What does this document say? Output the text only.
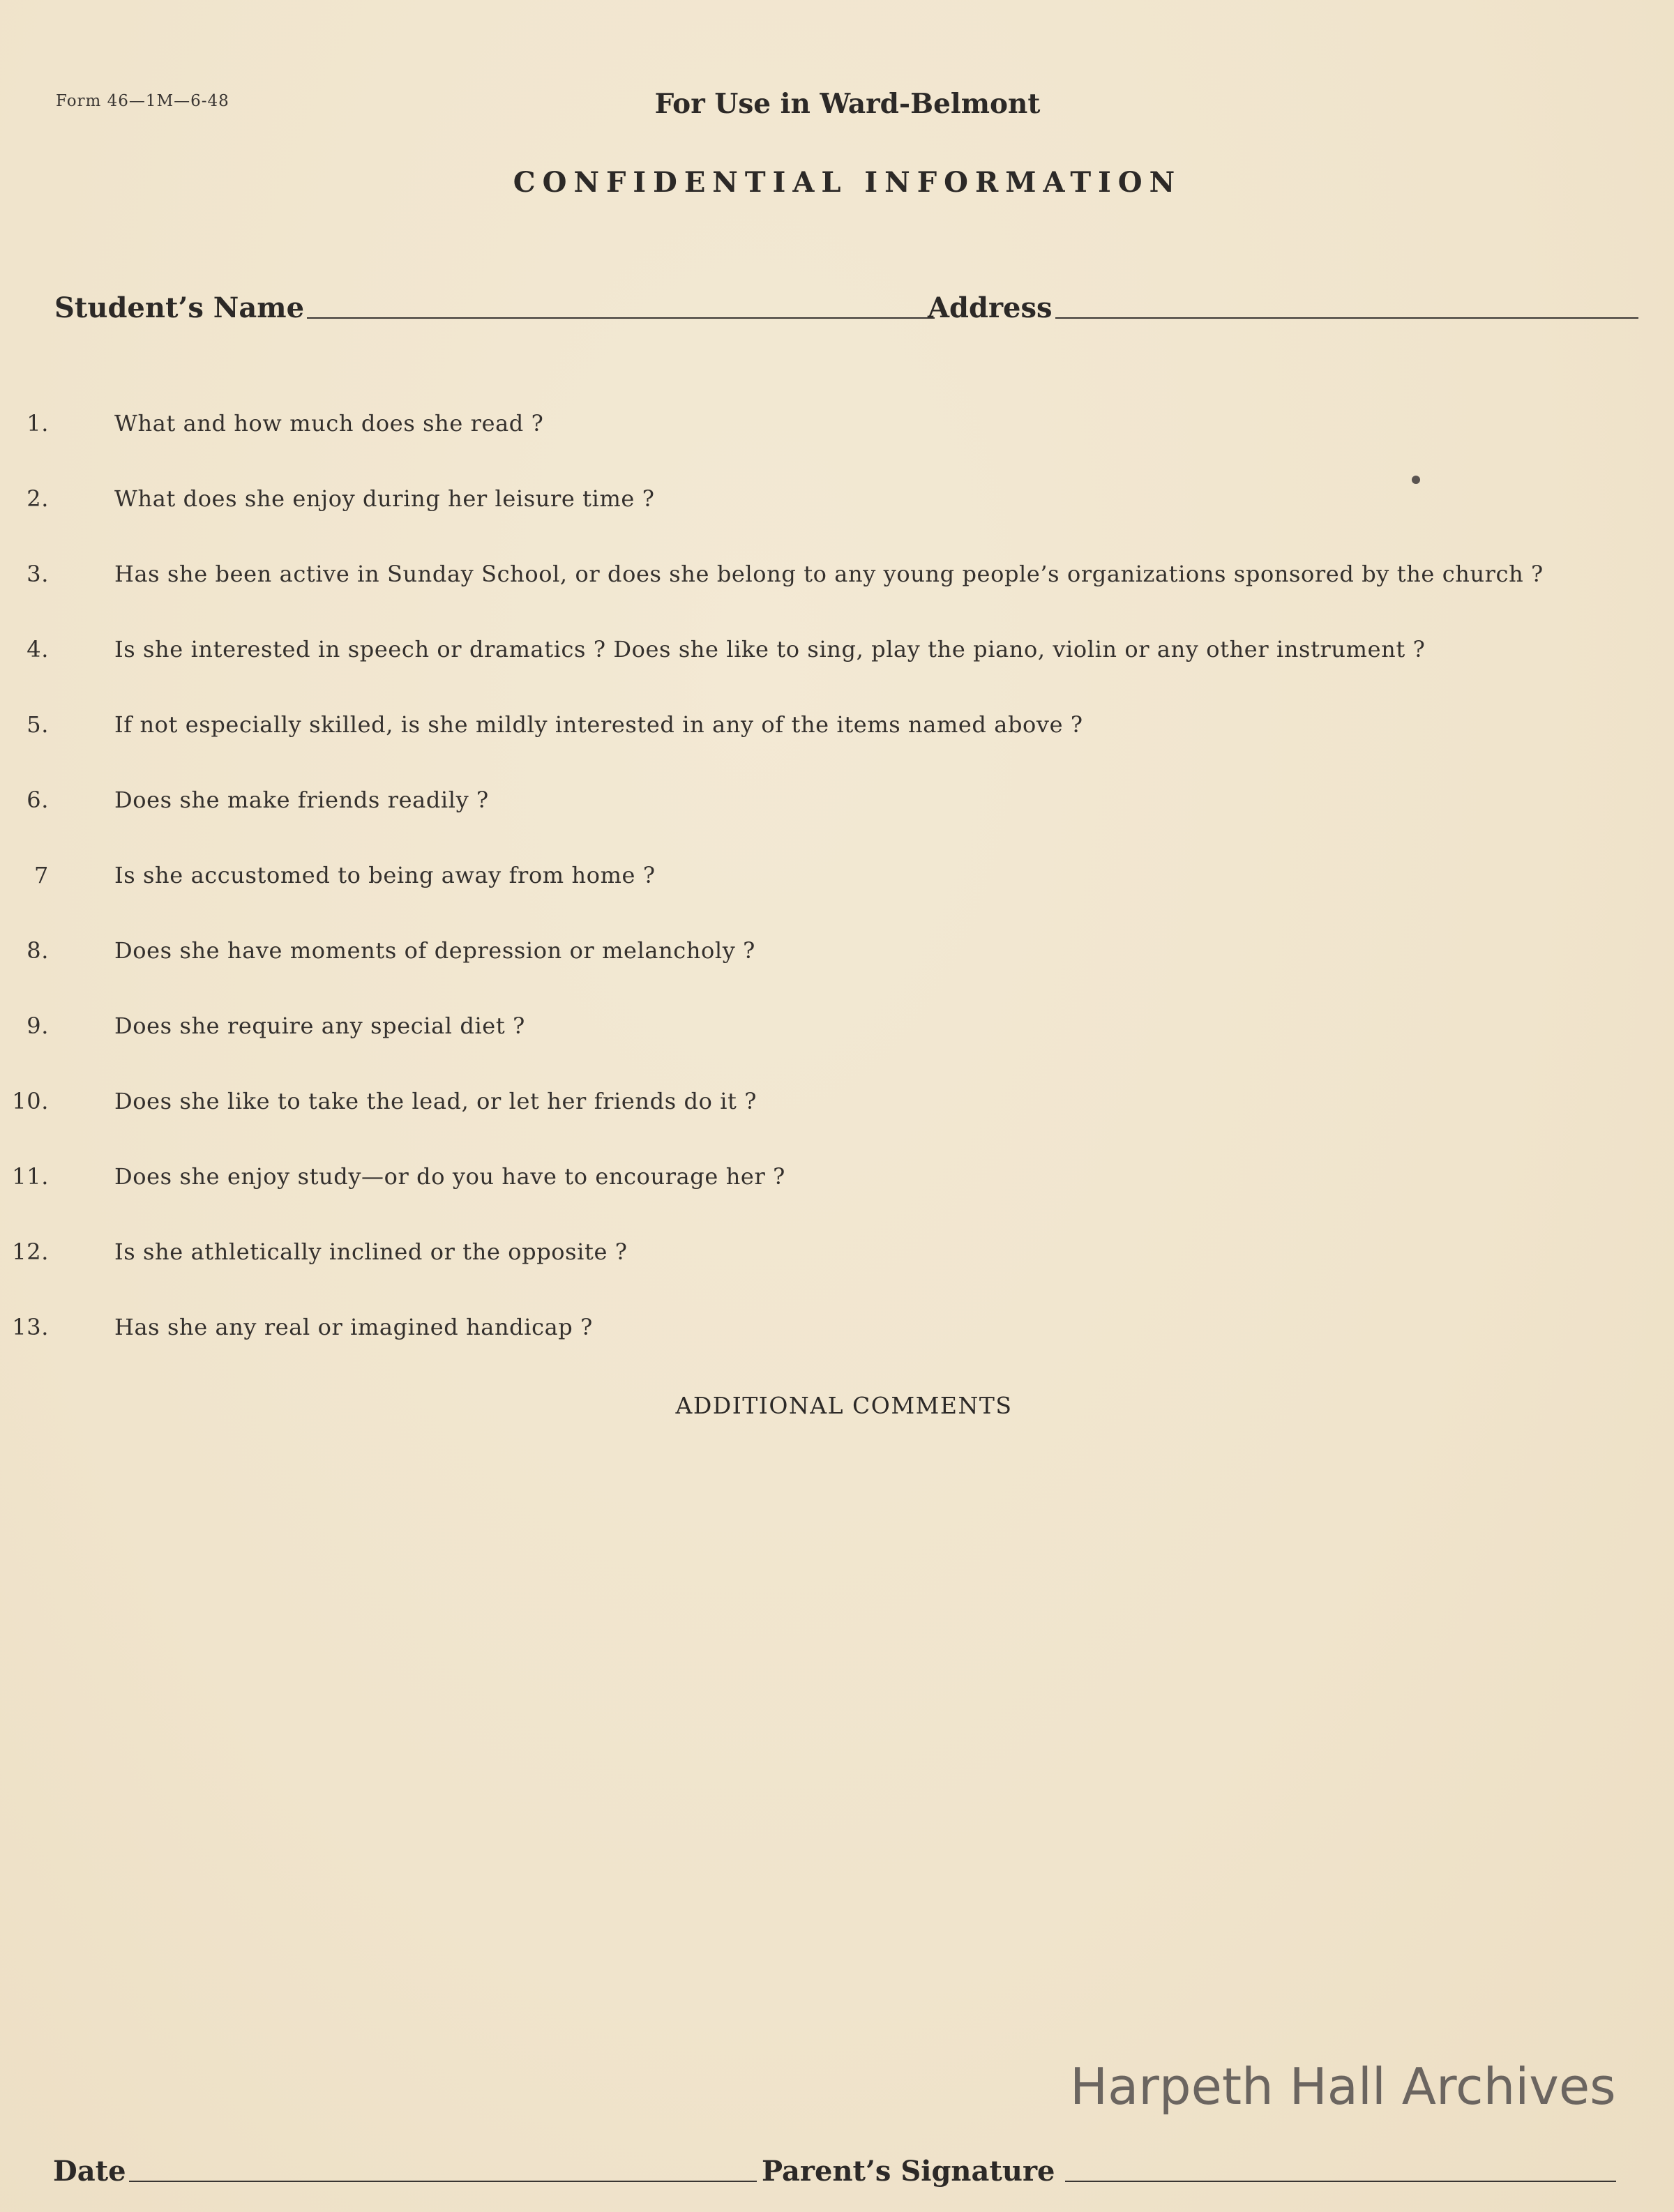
Form 46—1M—6-48	For Use in Ward-Belmont
CONFIDENTIAL INFORMATION
Student’s Name	Address
1.	What and how much does she read ?
2.	What does she enjoy during her leisure time ?
3.	Has she been active in Sunday School, or does she belong to any young people’s organizations sponsored by the church ?
4.	Is she interested in speech or dramatics ? Does she like to sing, play the piano, violin or any other instrument ?
5.	If not especially skilled, is she mildly interested in any of the items named above ?
6.	Does she make friends readily ?
7	Is she accustomed to being away from home ?
8.	Does she have moments of depression or melancholy ?
9.	Does she require any special diet ?
10.	Does she like to take the lead, or let her friends do it ?
11.	Does she enjoy study—or do you have to encourage her ?
12.	Is she athletically inclined or the opposite ?
13.	Has she any real or imagined handicap ?
ADDITIONAL COMMENTS
Harpeth Hall Archives
Date	Parent’s Signature
